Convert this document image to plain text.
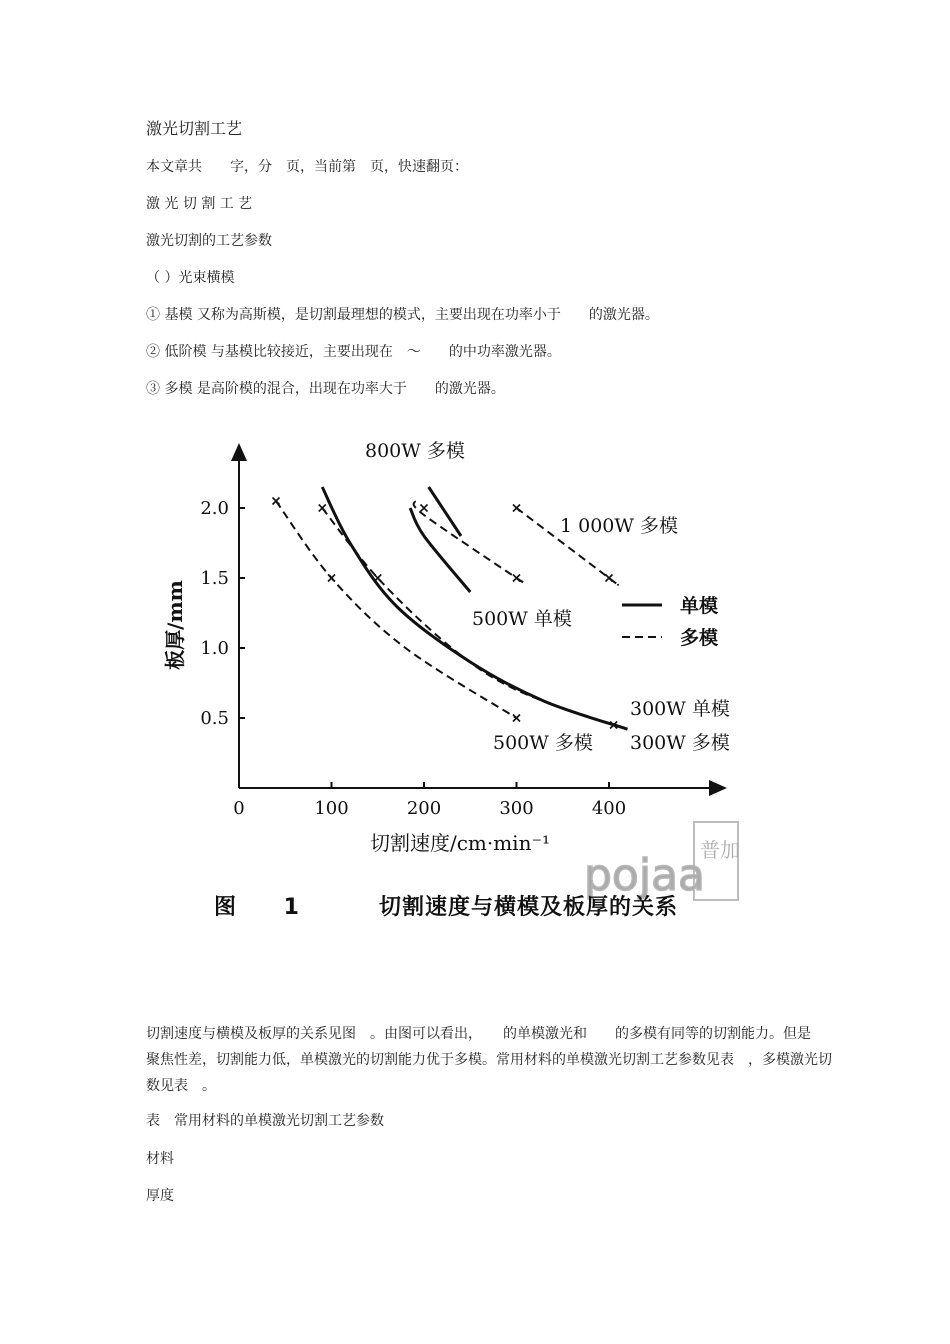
激光切割工艺
本文章共　　字，分　页，当前第　页，快速翻页：
激 光 切 割 工 艺
激光切割的工艺参数
（ ）光束横模
① 基模 又称为高斯模，是切割最理想的模式，主要出现在功率小于　　的激光器。
② 低阶模 与基模比较接近，主要出现在　～　　的中功率激光器。
③ 多模 是高阶模的混合，出现在功率大于　　的激光器。
0	100	200	300	400
0.5
1.0
1.5
2.0
板厚/mm
切割速度/cm·min⁻¹
800W 多模
1 000W 多模
500W 单模
300W 单模
300W 多模
500W 多模
单模
多模
图 1	切割速度与横模及板厚的关系
pojaa
普加
切割速度与横模及板厚的关系见图　。由图可以看出，　　的单模激光和　　的多模有同等的切割能力。但是
聚焦性差，切割能力低，单模激光的切割能力优于多模。常用材料的单模激光切割工艺参数见表　，多模激光切
数见表　。
表　常用材料的单模激光切割工艺参数
材料
厚度
